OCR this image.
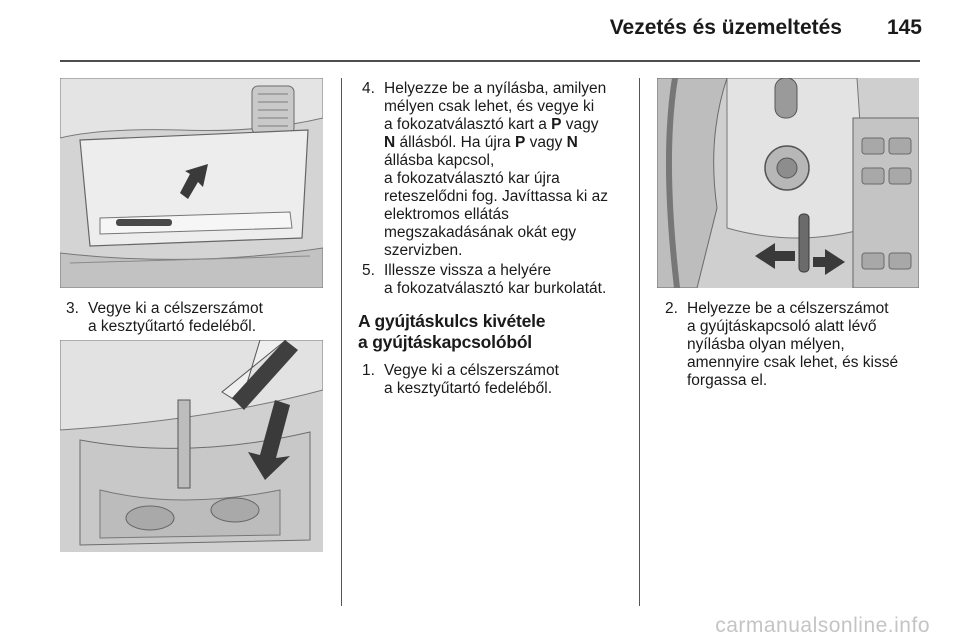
Vezetés és üzemeltetés	145
3. Vegye ki a célszerszámot

a kesztyűtartó fedeléből.

4. Helyezze be a nyílásba, amilyen

mélyen csak lehet, és vegye ki

a fokozatválasztó kart a P vagy

N állásból. Ha újra P vagy N

állásba kapcsol,

a fokozatválasztó kar újra

reteszelődni fog. Javíttassa ki az

elektromos ellátás

megszakadásának okát egy

szervizben.

5. Illessze vissza a helyére

a fokozatválasztó kar burkolatát.

A gyújtáskulcs kivétele

a gyújtáskapcsolóból

1. Vegye ki a célszerszámot

a kesztyűtartó fedeléből.

2. Helyezze be a célszerszámot

a gyújtáskapcsoló alatt lévő

nyílásba olyan mélyen,

amennyire csak lehet, és kissé

forgassa el.

carmanualsonline.info
